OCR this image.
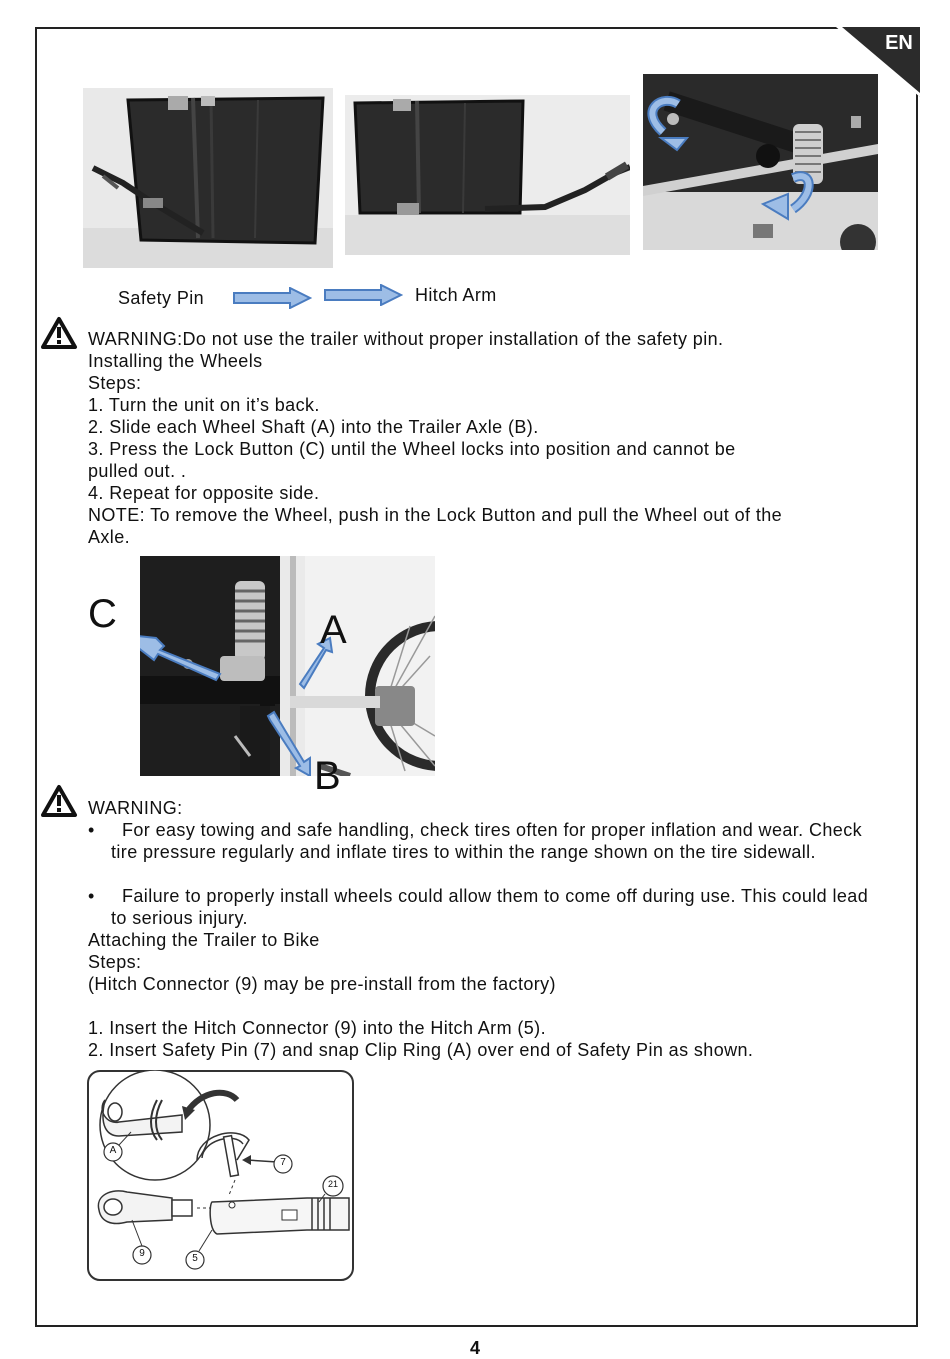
EN
Safety Pin	Hitch Arm
WARNING:Do not use the trailer without proper installation of the safety pin.
Installing the Wheels
Steps:
1. Turn the unit on it’s back.
2. Slide each Wheel Shaft (A) into the Trailer Axle (B).
3. Press the Lock Button (C) until the Wheel locks into position and cannot be
pulled out. .
4. Repeat for opposite side.
NOTE: To remove the Wheel, push in the Lock Button and pull the Wheel out of the
Axle.
C	A
B
WARNING:
•	For easy towing and safe handling, check tires often for proper inflation and wear. Check tire pressure regularly and inflate tires to within the range shown on the tire sidewall.
•	Failure to properly install wheels could allow them to come off during use. This could lead to serious injury.
Attaching the Trailer to Bike
Steps:
(Hitch Connector (9) may be pre-install from the factory)
1. Insert the Hitch Connector (9) into the Hitch Arm (5).
2. Insert Safety Pin (7) and snap Clip Ring (A) over end of Safety Pin as shown.
A
7
21
9	5
4
